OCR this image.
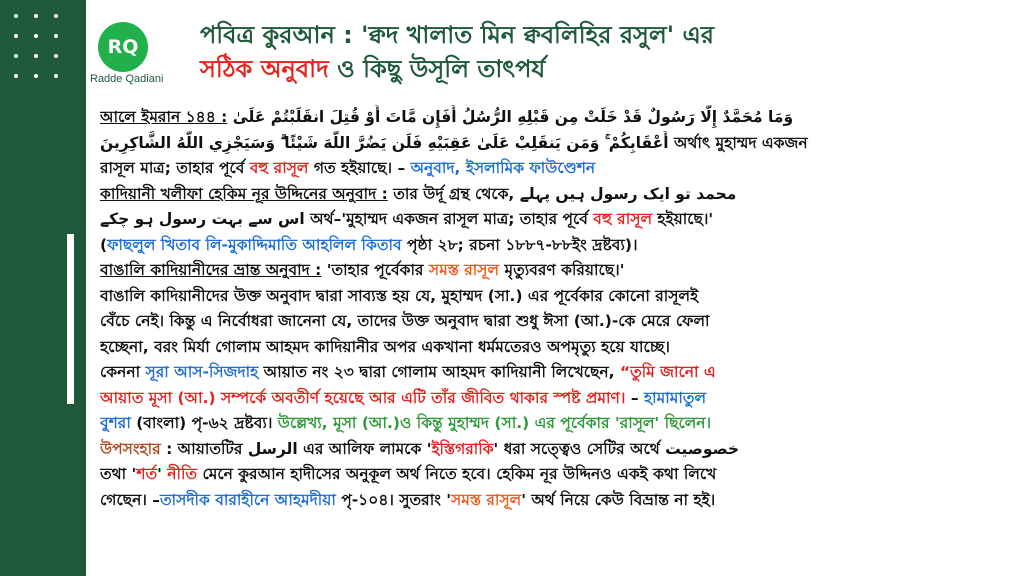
RQ
Radde Qadiani
পবিত্র কুরআন : 'ক্বদ খালাত মিন ক্ববলিহির রসুল' এর
সঠিক অনুবাদ ও কিছু উসূলি তাৎপর্য
আলে ইমরান ১৪৪ : وَمَا مُحَمَّدٌ إِلَّا رَسُولٌ قَدْ خَلَتْ مِن قَبْلِهِ الرُّسُلُ أَفَإِن مَّاتَ أَوْ قُتِلَ انقَلَبْتُمْ عَلَىٰ
أَعْقَابِكُمْ ۚ وَمَن يَنقَلِبْ عَلَىٰ عَقِبَيْهِ فَلَن يَضُرَّ اللَّهَ شَيْئًا ۗ وَسَيَجْزِي اللَّهُ الشَّاكِرِينَ অর্থাৎ মুহাম্মদ একজন
রাসূল মাত্র; তাহার পূর্বে বহু রাসূল গত হইয়াছে। – অনুবাদ, ইসলামিক ফাউণ্ডেশন
কাদিয়ানী খলীফা হেকিম নূর উদ্দিনের অনুবাদ : তার উর্দূ গ্রন্থ থেকে, محمد تو ایک رسول ہیں پہلے
اس سے بہت رسول ہو چکے অর্থ–'মুহাম্মদ একজন রাসূল মাত্র; তাহার পূর্বে বহু রাসূল হইয়াছে।'
(ফাছলুল খিতাব লি-মুকাদ্দিমাতি আহলিল কিতাব পৃষ্ঠা ২৮; রচনা ১৮৮৭-৮৮ইং দ্রষ্টব্য)।
বাঙালি কাদিয়ানীদের ভ্রান্ত অনুবাদ : 'তাহার পূর্বেকার সমস্ত রাসূল মৃত্যুবরণ করিয়াছে।'
বাঙালি কাদিয়ানীদের উক্ত অনুবাদ দ্বারা সাব্যস্ত হয় যে, মুহাম্মদ (সা.) এর পূর্বেকার কোনো রাসূলই
বেঁচে নেই। কিন্তু এ নির্বোধরা জানেনা যে, তাদের উক্ত অনুবাদ দ্বারা শুধু ঈসা (আ.)-কে মেরে ফেলা
হচ্ছেনা, বরং মির্যা গোলাম আহমদ কাদিয়ানীর অপর একখানা ধর্মমতেরও অপমৃত্যু হয়ে যাচ্ছে।
কেননা সূরা আস-সিজদাহ আয়াত নং ২৩ দ্বারা গোলাম আহমদ কাদিয়ানী লিখেছেন, “তুমি জানো এ
আয়াত মূসা (আ.) সম্পর্কে অবতীর্ণ হয়েছে আর এটি তাঁর জীবিত থাকার স্পষ্ট প্রমাণ। – হামামাতুল
বুশরা (বাংলা) পৃ-৬২ দ্রষ্টব্য। উল্লেখ্য, মূসা (আ.)ও কিন্তু মুহাম্মদ (সা.) এর পূর্বেকার 'রাসূল' ছিলেন।
উপসংহার : আয়াতটির الرسل এর আলিফ লামকে 'ইস্তিগরাকি' ধরা সত্ত্বেও সেটির অর্থে خصوصیت
তথা 'শর্ত' নীতি মেনে কুরআন হাদীসের অনুকূল অর্থ নিতে হবে। হেকিম নূর উদ্দিনও একই কথা লিখে
গেছেন। –তাসদীক বারাহীনে আহমদীয়া পৃ-১০৪। সুতরাং 'সমস্ত রাসূল' অর্থ নিয়ে কেউ বিভ্রান্ত না হই।
